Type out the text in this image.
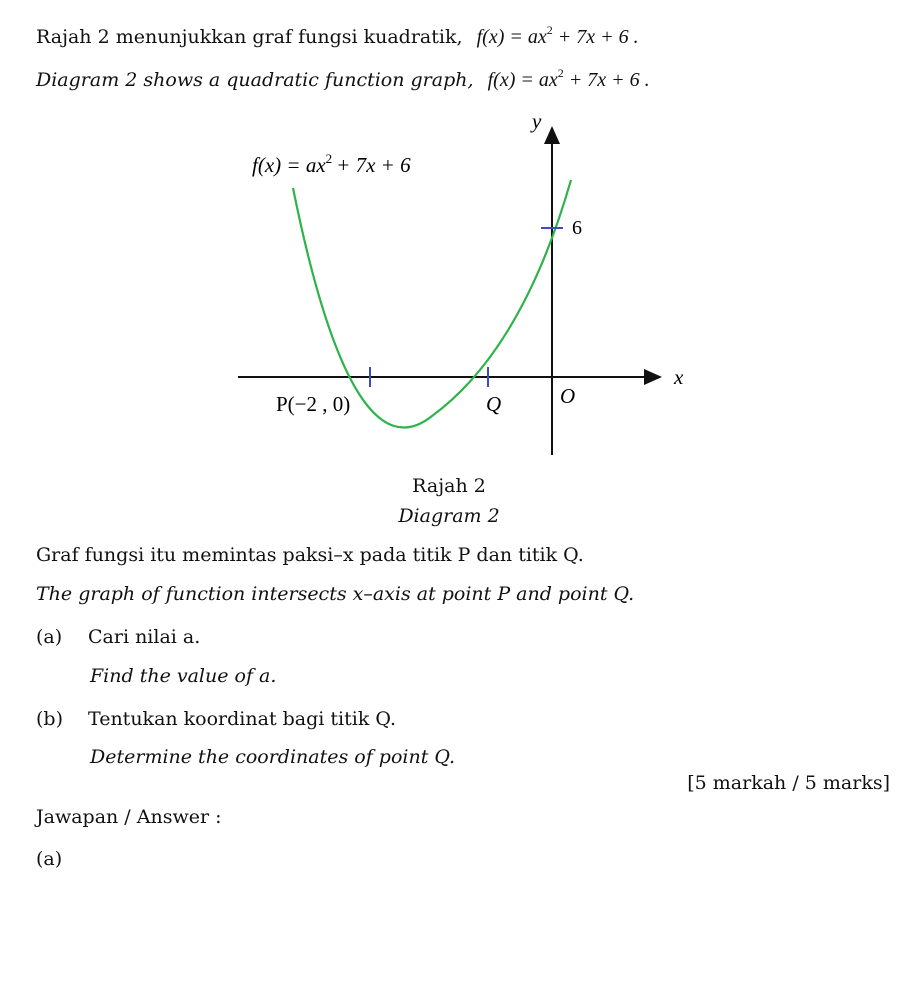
Rajah 2 menunjukkan graf fungsi kuadratik, $f(x) = ax^2 + 7x + 6$ .
Diagram 2 shows a quadratic function graph, $f(x) = ax^2 + 7x + 6$ .
$f(x) = ax^2 + 7x + 6$
y
x
O
6
P(−2 , 0)	Q
Rajah 2
Diagram 2
Graf fungsi itu memintas paksi–x pada titik P dan titik Q.
The graph of function intersects x–axis at point P and point Q.
(a) Cari nilai a.
Find the value of a.
(b) Tentukan koordinat bagi titik Q.
Determine the coordinates of point Q.
[5 markah / 5 marks]
Jawapan / Answer :
(a)
